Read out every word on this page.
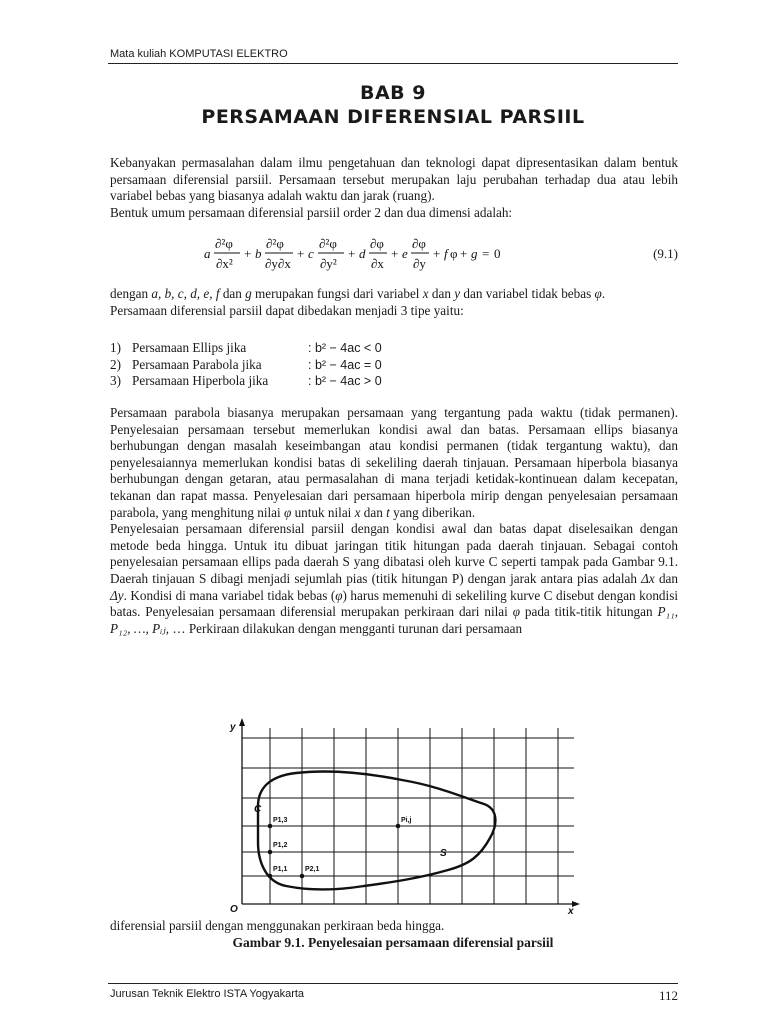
Mata kuliah KOMPUTASI ELEKTRO
BAB 9
PERSAMAAN DIFERENSIAL PARSIIL

Kebanyakan permasalahan dalam ilmu pengetahuan dan teknologi dapat dipresentasikan dalam bentuk persamaan diferensial parsiil. Persamaan tersebut merupakan laju perubahan terhadap dua atau lebih variabel bebas yang biasanya adalah waktu dan jarak (ruang).

Bentuk umum persamaan diferensial parsiil order 2 dan dua dimensi adalah:

a
∂²φ
∂x²
+ b
∂²φ
∂y∂x
+ c
∂²φ
∂y²
+ d
∂φ
∂x
+ e
∂φ
∂y
+ f φ + g = 0	(9.1)

dengan a, b, c, d, e, f dan g merupakan fungsi dari variabel x dan y dan variabel tidak bebas φ.

Persamaan diferensial parsiil dapat dibedakan menjadi 3 tipe yaitu:

1) Persamaan Ellips jika	: b² − 4ac < 0
2) Persamaan Parabola jika	: b² − 4ac = 0
3) Persamaan Hiperbola jika	: b² − 4ac > 0

Persamaan parabola biasanya merupakan persamaan yang tergantung pada waktu (tidak permanen). Penyelesaian persamaan tersebut memerlukan kondisi awal dan batas. Persamaan ellips biasanya berhubungan dengan masalah keseimbangan atau kondisi permanen (tidak tergantung waktu), dan penyelesaiannya memerlukan kondisi batas di sekeliling daerah tinjauan. Persamaan hiperbola biasanya berhubungan dengan getaran, atau permasalahan di mana terjadi ketidak-kontinuean dalam kecepatan, tekanan dan rapat massa. Penyelesaian dari persamaan hiperbola mirip dengan penyelesaian persamaan parabola, yang menghitung nilai φ untuk nilai x dan t yang diberikan.

Penyelesaian persamaan diferensial parsiil dengan kondisi awal dan batas dapat diselesaikan dengan metode beda hingga. Untuk itu dibuat jaringan titik hitungan pada daerah tinjauan. Sebagai contoh penyelesaian persamaan ellips pada daerah S yang dibatasi oleh kurve C seperti tampak pada Gambar 9.1. Daerah tinjauan S dibagi menjadi sejumlah pias (titik hitungan P) dengan jarak antara pias adalah Δx dan Δy. Kondisi di mana variabel tidak bebas (φ) harus memenuhi di sekeliling kurve C disebut dengan kondisi batas. Penyelesaian persamaan diferensial merupakan perkiraan dari nilai φ pada titik-titik hitungan P₁₁, P₁₂, …, Pᵢⱼ, … Perkiraan dilakukan dengan mengganti turunan dari persamaan

y
x
O
C
S
P1,3
P1,2
P1,1	P2,1
Pi,j
diferensial parsiil dengan menggunakan perkiraan beda hingga.
Gambar 9.1. Penyelesaian persamaan diferensial parsiil
Jurusan Teknik Elektro ISTA Yogyakarta	112
